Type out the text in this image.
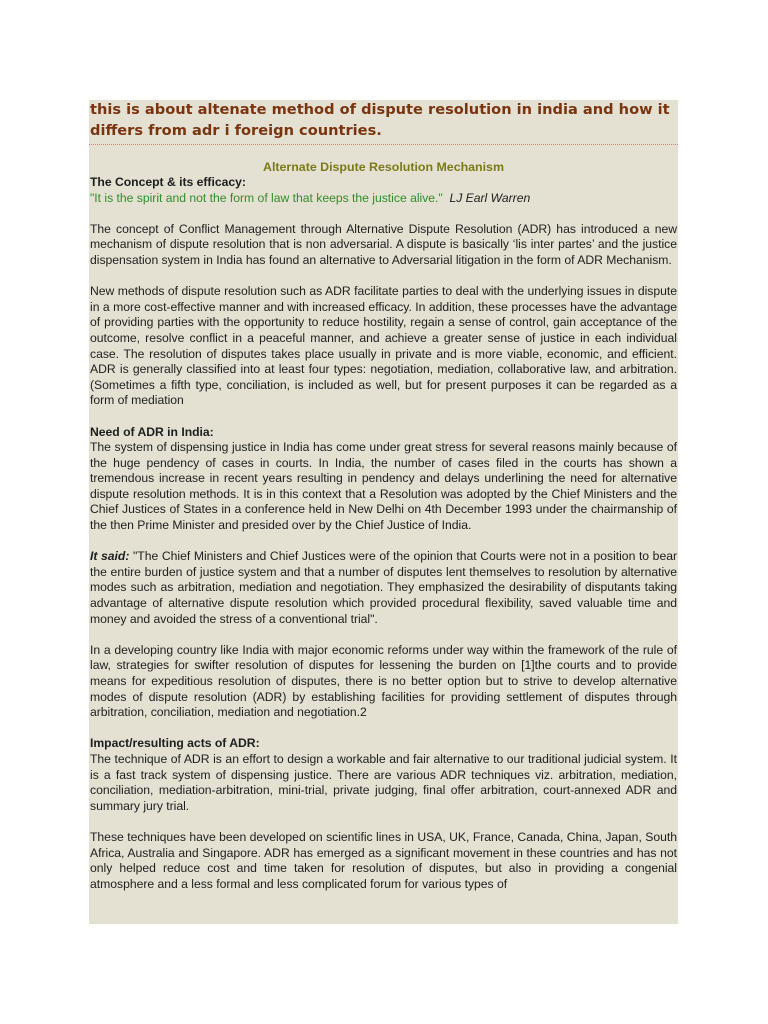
this is about altenate method of dispute resolution in india and how it differs from adr i foreign countries.
Alternate Dispute Resolution Mechanism

The Concept & its efficacy:

"It is the spirit and not the form of law that keeps the justice alive." LJ Earl Warren

The concept of Conflict Management through Alternative Dispute Resolution (ADR) has introduced a new mechanism of dispute resolution that is non adversarial. A dispute is basically ‘lis inter partes’ and the justice dispensation system in India has found an alternative to Adversarial litigation in the form of ADR Mechanism.

New methods of dispute resolution such as ADR facilitate parties to deal with the underlying issues in dispute in a more cost-effective manner and with increased efficacy. In addition, these processes have the advantage of providing parties with the opportunity to reduce hostility, regain a sense of control, gain acceptance of the outcome, resolve conflict in a peaceful manner, and achieve a greater sense of justice in each individual case. The resolution of disputes takes place usually in private and is more viable, economic, and efficient. ADR is generally classified into at least four types: negotiation, mediation, collaborative law, and arbitration. (Sometimes a fifth type, conciliation, is included as well, but for present purposes it can be regarded as a form of mediation

Need of ADR in India:

The system of dispensing justice in India has come under great stress for several reasons mainly because of the huge pendency of cases in courts. In India, the number of cases filed in the courts has shown a tremendous increase in recent years resulting in pendency and delays underlining the need for alternative dispute resolution methods. It is in this context that a Resolution was adopted by the Chief Ministers and the Chief Justices of States in a conference held in New Delhi on 4th December 1993 under the chairmanship of the then Prime Minister and presided over by the Chief Justice of India.

It said: "The Chief Ministers and Chief Justices were of the opinion that Courts were not in a position to bear the entire burden of justice system and that a number of disputes lent themselves to resolution by alternative modes such as arbitration, mediation and negotiation. They emphasized the desirability of disputants taking advantage of alternative dispute resolution which provided procedural flexibility, saved valuable time and money and avoided the stress of a conventional trial".

In a developing country like India with major economic reforms under way within the framework of the rule of law, strategies for swifter resolution of disputes for lessening the burden on [1]the courts and to provide means for expeditious resolution of disputes, there is no better option but to strive to develop alternative modes of dispute resolution (ADR) by establishing facilities for providing settlement of disputes through arbitration, conciliation, mediation and negotiation.2

Impact/resulting acts of ADR:

The technique of ADR is an effort to design a workable and fair alternative to our traditional judicial system. It is a fast track system of dispensing justice. There are various ADR techniques viz. arbitration, mediation, conciliation, mediation-arbitration, mini-trial, private judging, final offer arbitration, court-annexed ADR and summary jury trial.

These techniques have been developed on scientific lines in USA, UK, France, Canada, China, Japan, South Africa, Australia and Singapore. ADR has emerged as a significant movement in these countries and has not only helped reduce cost and time taken for resolution of disputes, but also in providing a congenial atmosphere and a less formal and less complicated forum for various types of
